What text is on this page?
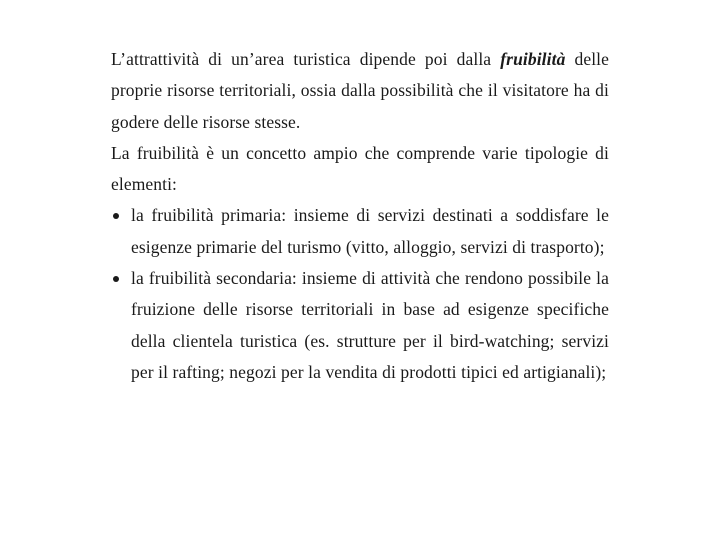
L’attrattività di un’area turistica dipende poi dalla fruibilità delle proprie risorse territoriali, ossia dalla possibilità che il visitatore ha di godere delle risorse stesse.

La fruibilità è un concetto ampio che comprende varie tipologie di elementi:

la fruibilità primaria: insieme di servizi destinati a soddisfare le esigenze primarie del turismo (vitto, alloggio, servizi di trasporto);
la fruibilità secondaria: insieme di attività che rendono possibile la fruizione delle risorse territoriali in base ad esigenze specifiche della clientela turistica (es. strutture per il bird-watching; servizi per il rafting; negozi per la vendita di prodotti tipici ed artigianali);
